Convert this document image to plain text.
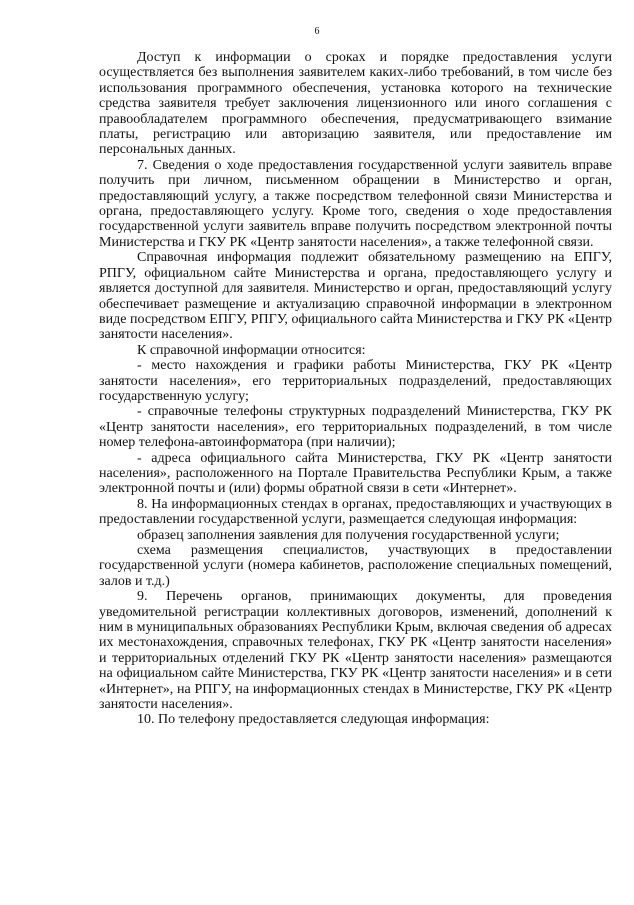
6

Доступ к информации о сроках и порядке предоставления услуги осуществляется без выполнения заявителем каких-либо требований, в том числе без использования программного обеспечения, установка которого на технические средства заявителя требует заключения лицензионного или иного соглашения с правообладателем программного обеспечения, предусматривающего взимание платы, регистрацию или авторизацию заявителя, или предоставление им персональных данных.

7. Сведения о ходе предоставления государственной услуги заявитель вправе получить при личном, письменном обращении в Министерство и орган, предоставляющий услугу, а также посредством телефонной связи Министерства и органа, предоставляющего услугу. Кроме того, сведения о ходе предоставления государственной услуги заявитель вправе получить посредством электронной почты Министерства и ГКУ РК «Центр занятости населения», а также телефонной связи.

Справочная информация подлежит обязательному размещению на ЕПГУ, РПГУ, официальном сайте Министерства и органа, предоставляющего услугу и является доступной для заявителя. Министерство и орган, предоставляющий услугу обеспечивает размещение и актуализацию справочной информации в электронном виде посредством ЕПГУ, РПГУ, официального сайта Министерства и ГКУ РК «Центр занятости населения».

К справочной информации относится:

- место нахождения и графики работы Министерства, ГКУ РК «Центр занятости населения», его территориальных подразделений, предоставляющих государственную услугу;

- справочные телефоны структурных подразделений Министерства, ГКУ РК «Центр занятости населения», его территориальных подразделений, в том числе номер телефона-автоинформатора (при наличии);

- адреса официального сайта Министерства, ГКУ РК «Центр занятости населения», расположенного на Портале Правительства Республики Крым, а также электронной почты и (или) формы обратной связи в сети «Интернет».

8. На информационных стендах в органах, предоставляющих и участвующих в предоставлении государственной услуги, размещается следующая информация:

образец заполнения заявления для получения государственной услуги;

схема размещения специалистов, участвующих в предоставлении государственной услуги (номера кабинетов, расположение специальных помещений, залов и т.д.)

9. Перечень органов, принимающих документы, для проведения уведомительной регистрации коллективных договоров, изменений, дополнений к ним в муниципальных образованиях Республики Крым, включая сведения об адресах их местонахождения, справочных телефонах, ГКУ РК «Центр занятости населения» и территориальных отделений ГКУ РК «Центр занятости населения» размещаются на официальном сайте Министерства, ГКУ РК «Центр занятости населения» и в сети «Интернет», на РПГУ, на информационных стендах в Министерстве, ГКУ РК «Центр занятости населения».

10. По телефону предоставляется следующая информация:
